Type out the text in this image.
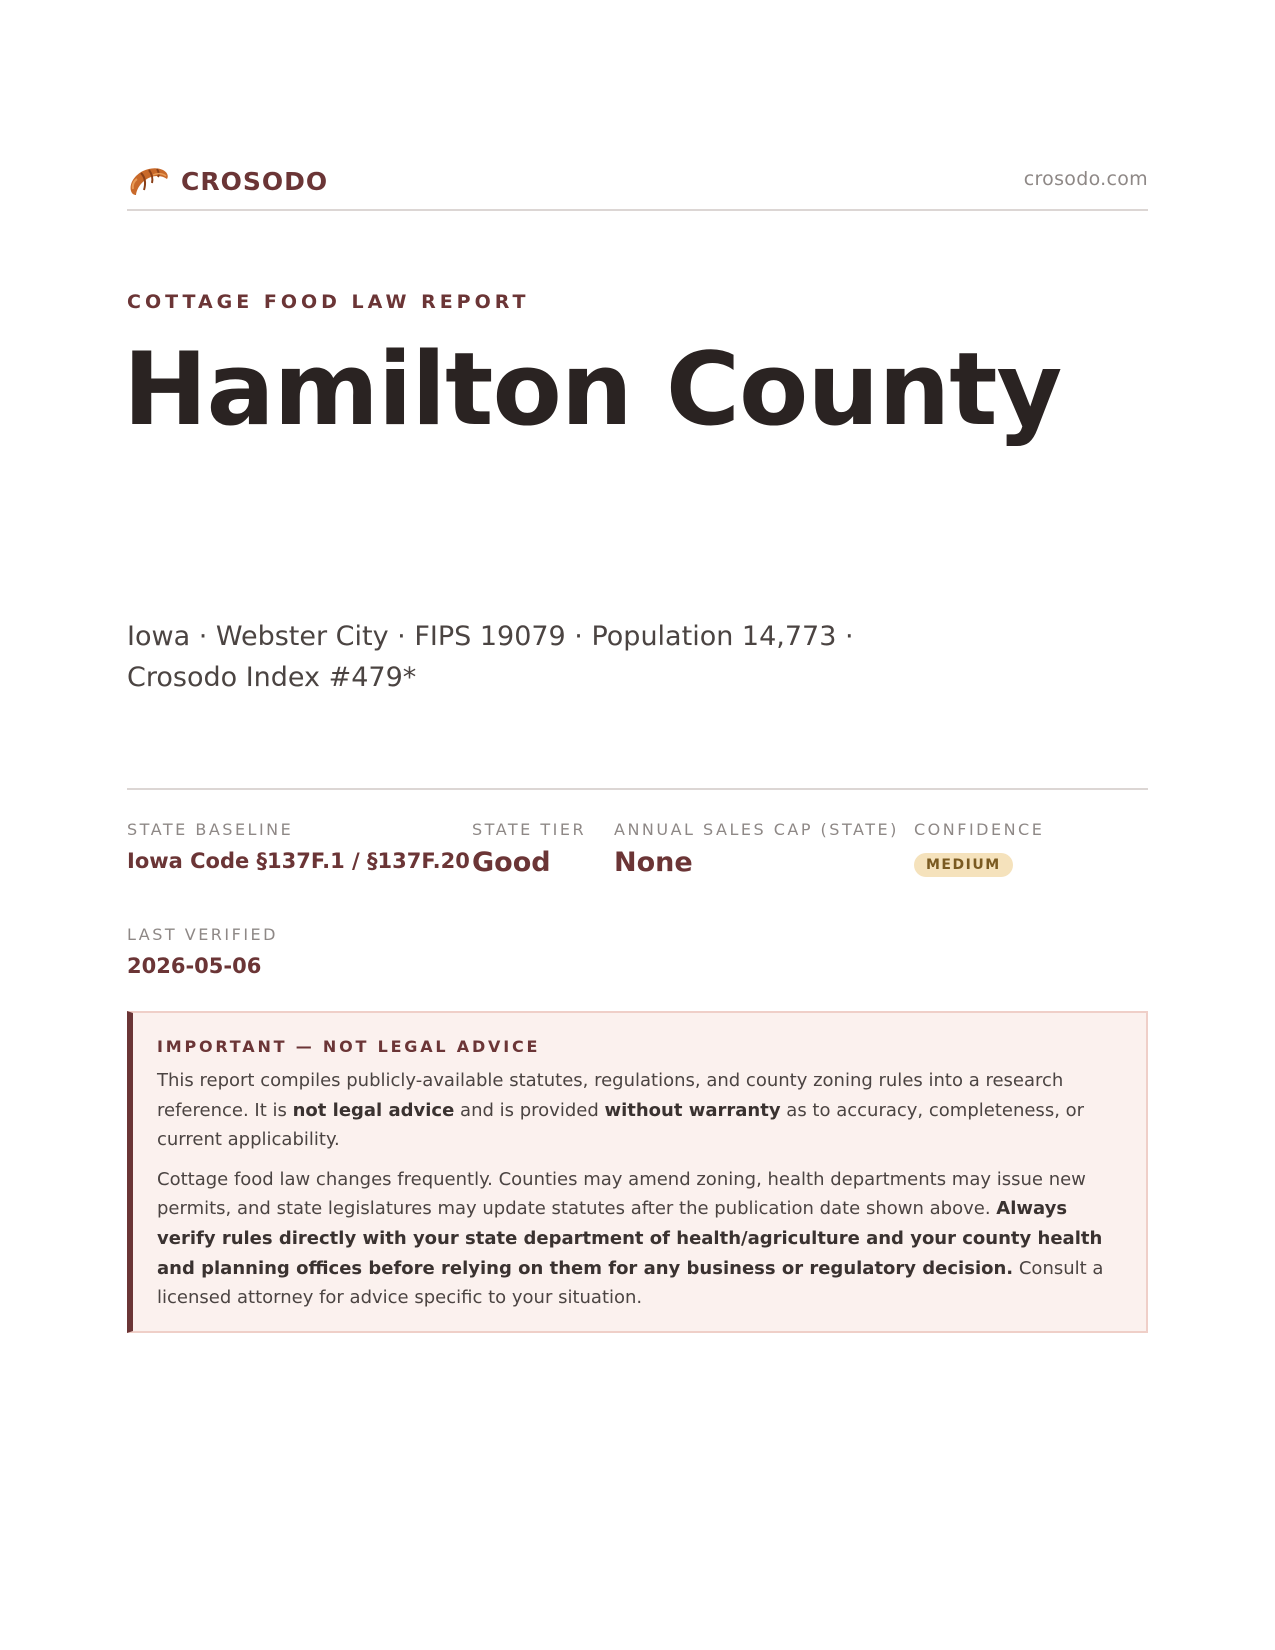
CROSODO	crosodo.com
COTTAGE FOOD LAW REPORT
Hamilton County
Iowa · Webster City · FIPS 19079 · Population 14,773 · Crosodo Index #479*
STATE BASELINE
Iowa Code §137F.1 / §137F.20
STATE TIER
Good
ANNUAL SALES CAP (STATE)
None
CONFIDENCE
MEDIUM
LAST VERIFIED
2026-05-06
IMPORTANT — NOT LEGAL ADVICE

This report compiles publicly-available statutes, regulations, and county zoning rules into a research reference. It is not legal advice and is provided without warranty as to accuracy, completeness, or current applicability.

Cottage food law changes frequently. Counties may amend zoning, health departments may issue new permits, and state legislatures may update statutes after the publication date shown above. Always verify rules directly with your state department of health/agriculture and your county health and planning offices before relying on them for any business or regulatory decision. Consult a licensed attorney for advice specific to your situation.
